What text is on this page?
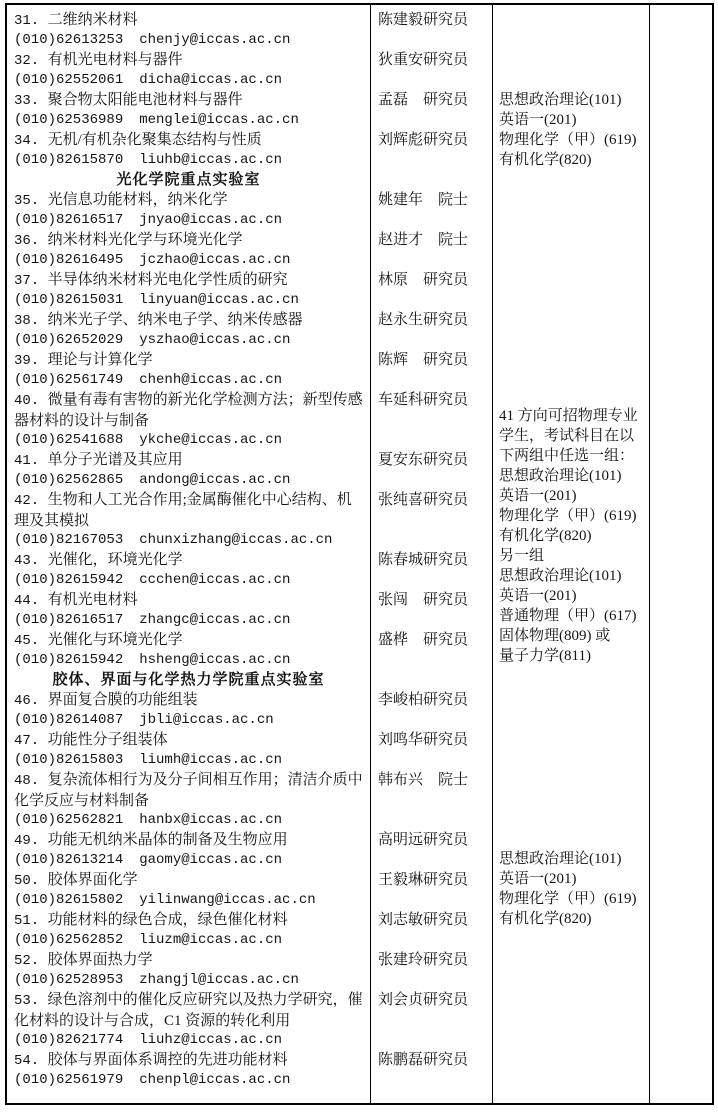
31. 二维纳米材料
(010)62613253 chenjy@iccas.ac.cn
陈建毅研究员
32. 有机光电材料与器件
(010)62552061 dicha@iccas.ac.cn
狄重安研究员
33. 聚合物太阳能电池材料与器件
(010)62536989 menglei@iccas.ac.cn
孟磊　研究员
34. 无机/有机杂化聚集态结构与性质
(010)82615870 liuhb@iccas.ac.cn
刘辉彪研究员
光化学院重点实验室
35. 光信息功能材料，纳米化学
(010)82616517 jnyao@iccas.ac.cn
姚建年　院士
36. 纳米材料光化学与环境光化学
(010)82616495 jczhao@iccas.ac.cn
赵进才　院士
37. 半导体纳米材料光电化学性质的研究
(010)82615031 linyuan@iccas.ac.cn
林原　研究员
38. 纳米光子学、纳米电子学、纳米传感器
(010)62652029 yszhao@iccas.ac.cn
赵永生研究员
39. 理论与计算化学
(010)62561749 chenh@iccas.ac.cn
陈辉　研究员
40. 微量有毒有害物的新光化学检测方法；新型传感器材料的设计与制备
(010)62541688 ykche@iccas.ac.cn
车延科研究员
41. 单分子光谱及其应用
(010)62562865 andong@iccas.ac.cn
夏安东研究员
42. 生物和人工光合作用;金属酶催化中心结构、机理及其模拟
(010)82167053 chunxizhang@iccas.ac.cn
张纯喜研究员
43. 光催化，环境光化学
(010)82615942 ccchen@iccas.ac.cn
陈春城研究员
44. 有机光电材料
(010)82616517 zhangc@iccas.ac.cn
张闯　研究员
45. 光催化与环境光化学
(010)82615942 hsheng@iccas.ac.cn
盛桦　研究员
胶体、界面与化学热力学院重点实验室
46. 界面复合膜的功能组装
(010)82614087 jbli@iccas.ac.cn
李峻柏研究员
47. 功能性分子组装体
(010)82615803 liumh@iccas.ac.cn
刘鸣华研究员
48. 复杂流体相行为及分子间相互作用；清洁介质中化学反应与材料制备
(010)62562821 hanbx@iccas.ac.cn
韩布兴　院士
49. 功能无机纳米晶体的制备及生物应用
(010)82613214 gaomy@iccas.ac.cn
高明远研究员
50. 胶体界面化学
(010)82615802 yilinwang@iccas.ac.cn
王毅琳研究员
51. 功能材料的绿色合成，绿色催化材料
(010)62562852 liuzm@iccas.ac.cn
刘志敏研究员
52. 胶体界面热力学
(010)62528953 zhangjl@iccas.ac.cn
张建玲研究员
53. 绿色溶剂中的催化反应研究以及热力学研究，催化材料的设计与合成，C1 资源的转化利用
(010)82621774 liuhz@iccas.ac.cn
刘会贞研究员
54. 胶体与界面体系调控的先进功能材料
(010)62561979 chenpl@iccas.ac.cn
陈鹏磊研究员
思想政治理论(101)
英语一(201)
物理化学（甲）(619)
有机化学(820)
41 方向可招物理专业学生，考试科目在以下两组中任选一组：
思想政治理论(101)
英语一(201)
物理化学（甲）(619)
有机化学(820)
另一组
思想政治理论(101)
英语一(201)
普通物理（甲）(617)
固体物理(809) 或
量子力学(811)
思想政治理论(101)
英语一(201)
物理化学（甲）(619)
有机化学(820)
